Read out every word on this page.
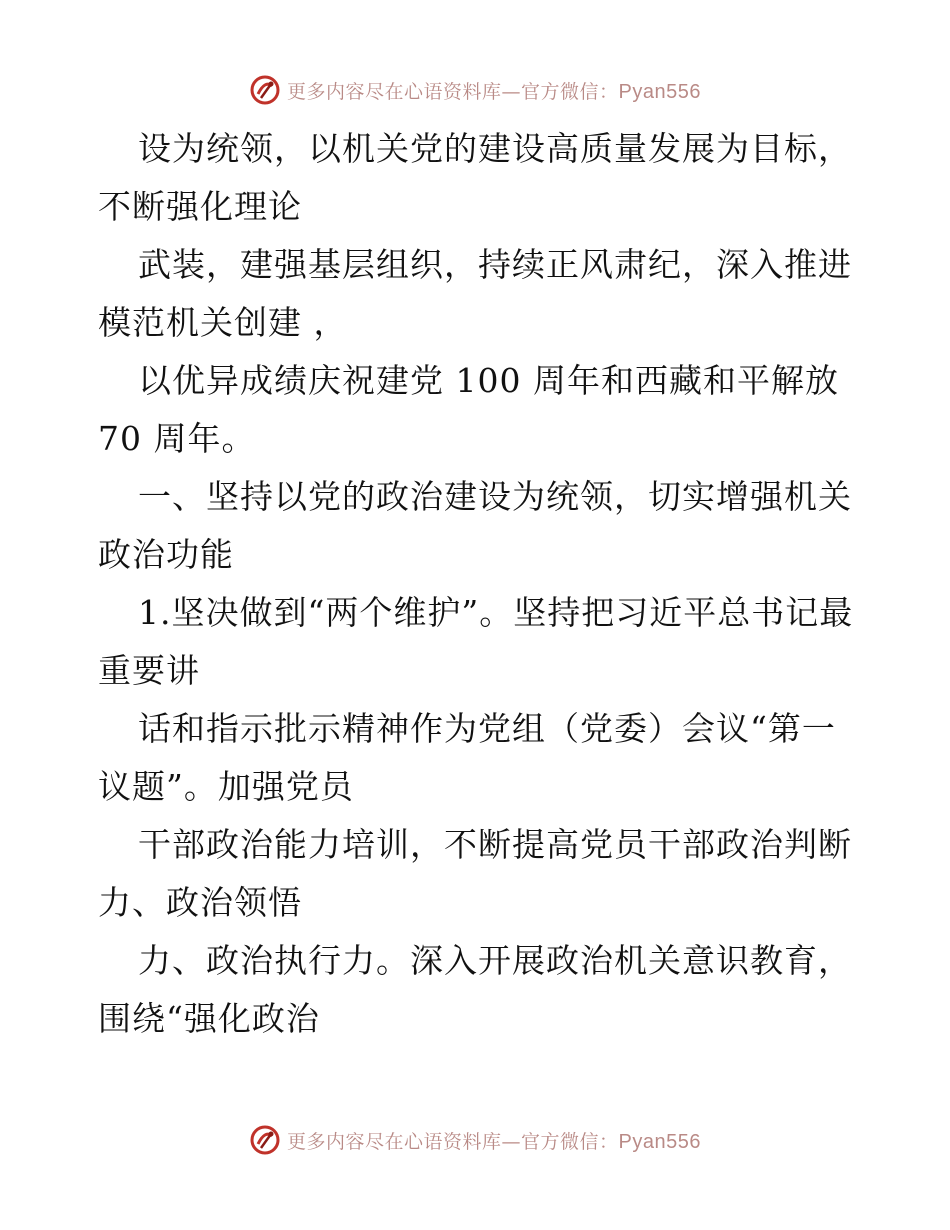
更多内容尽在心语资料库—官方微信：Pyan556

设为统领，以机关党的建设高质量发展为目标，不断强化理论

武装，建强基层组织，持续正风肃纪，深入推进模范机关创建 ，

以优异成绩庆祝建党 100 周年和西藏和平解放 70 周年。

一、坚持以党的政治建设为统领，切实增强机关政治功能

1.坚决做到“两个维护”。坚持把习近平总书记最重要讲

话和指示批示精神作为党组（党委）会议“第一议题”。加强党员

干部政治能力培训，不断提高党员干部政治判断力、政治领悟

力、政治执行力。深入开展政治机关意识教育，围绕“强化政治

更多内容尽在心语资料库—官方微信：Pyan556
